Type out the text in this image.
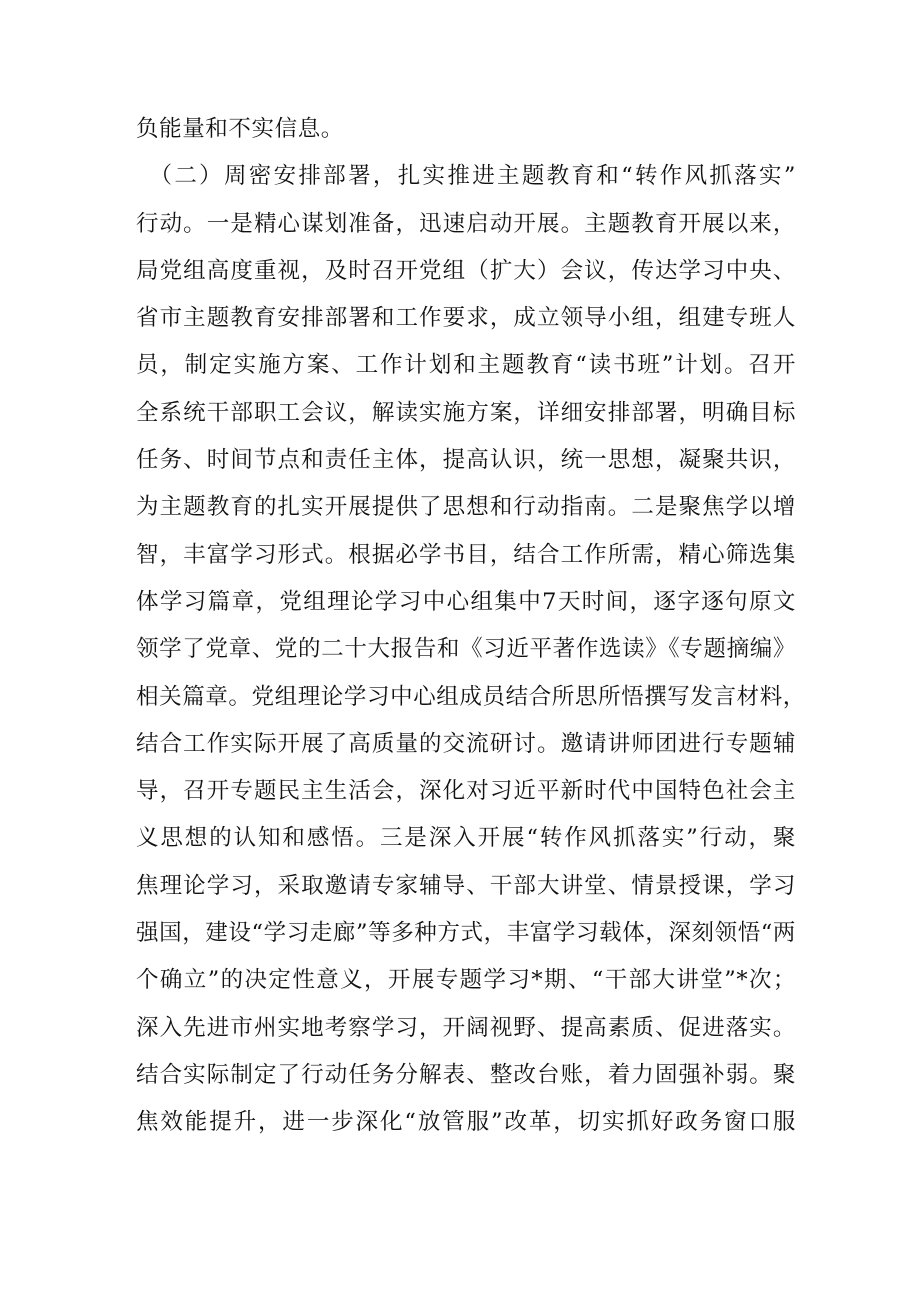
负能量和不实信息。
（二）周密安排部署，扎实推进主题教育和“转作风抓落实”
行动。一是精心谋划准备，迅速启动开展。主题教育开展以来，
局党组高度重视，及时召开党组（扩大）会议，传达学习中央、
省市主题教育安排部署和工作要求，成立领导小组，组建专班人
员，制定实施方案、工作计划和主题教育“读书班”计划。召开
全系统干部职工会议，解读实施方案，详细安排部署，明确目标
任务、时间节点和责任主体，提高认识，统一思想，凝聚共识，
为主题教育的扎实开展提供了思想和行动指南。二是聚焦学以增
智，丰富学习形式。根据必学书目，结合工作所需，精心筛选集
体学习篇章，党组理论学习中心组集中7天时间，逐字逐句原文
领学了党章、党的二十大报告和《习近平著作选读》《专题摘编》
相关篇章。党组理论学习中心组成员结合所思所悟撰写发言材料，
结合工作实际开展了高质量的交流研讨。邀请讲师团进行专题辅
导，召开专题民主生活会，深化对习近平新时代中国特色社会主
义思想的认知和感悟。三是深入开展“转作风抓落实”行动，聚
焦理论学习，采取邀请专家辅导、干部大讲堂、情景授课，学习
强国，建设“学习走廊”等多种方式，丰富学习载体，深刻领悟“两
个确立”的决定性意义，开展专题学习*期、“干部大讲堂”*次；
深入先进市州实地考察学习，开阔视野、提高素质、促进落实。
结合实际制定了行动任务分解表、整改台账，着力固强补弱。聚
焦效能提升，进一步深化“放管服”改革，切实抓好政务窗口服
